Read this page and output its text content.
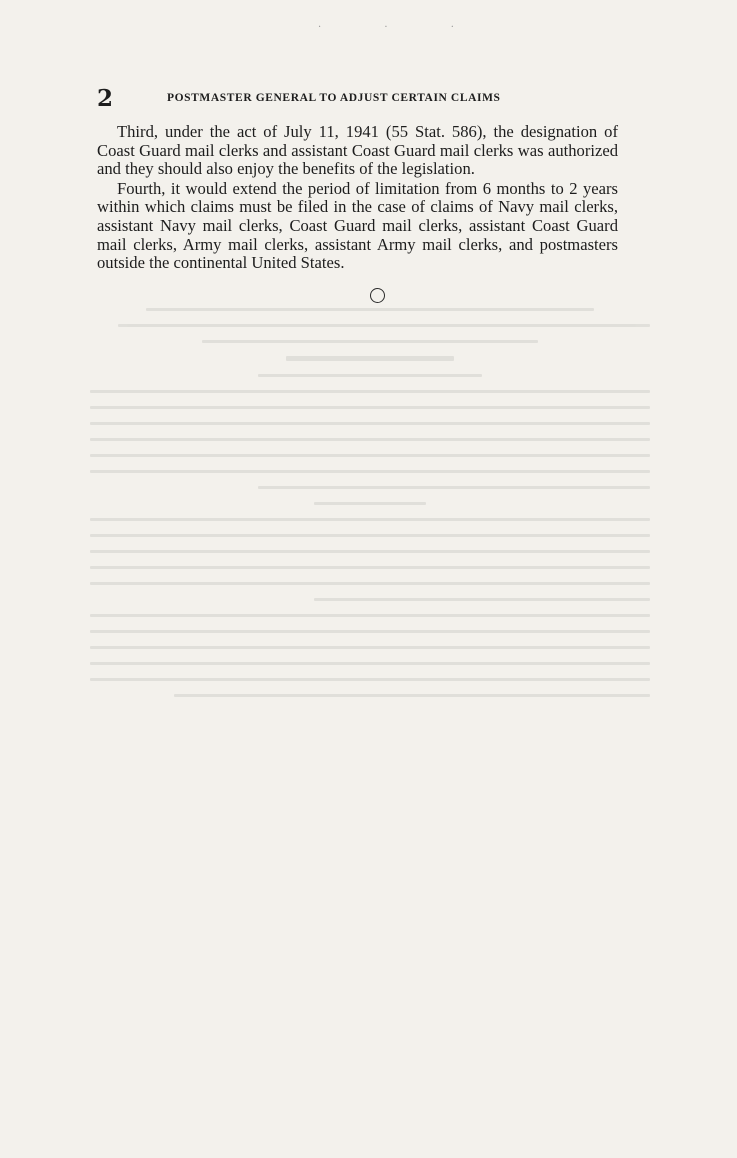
· · ·
2	POSTMASTER GENERAL TO ADJUST CERTAIN CLAIMS

Third, under the act of July 11, 1941 (55 Stat. 586), the designation of Coast Guard mail clerks and assistant Coast Guard mail clerks was authorized and they should also enjoy the benefits of the legislation.

Fourth, it would extend the period of limitation from 6 months to 2 years within which claims must be filed in the case of claims of Navy mail clerks, assistant Navy mail clerks, Coast Guard mail clerks, assistant Coast Guard mail clerks, Army mail clerks, assistant Army mail clerks, and postmasters outside the continental United States.
